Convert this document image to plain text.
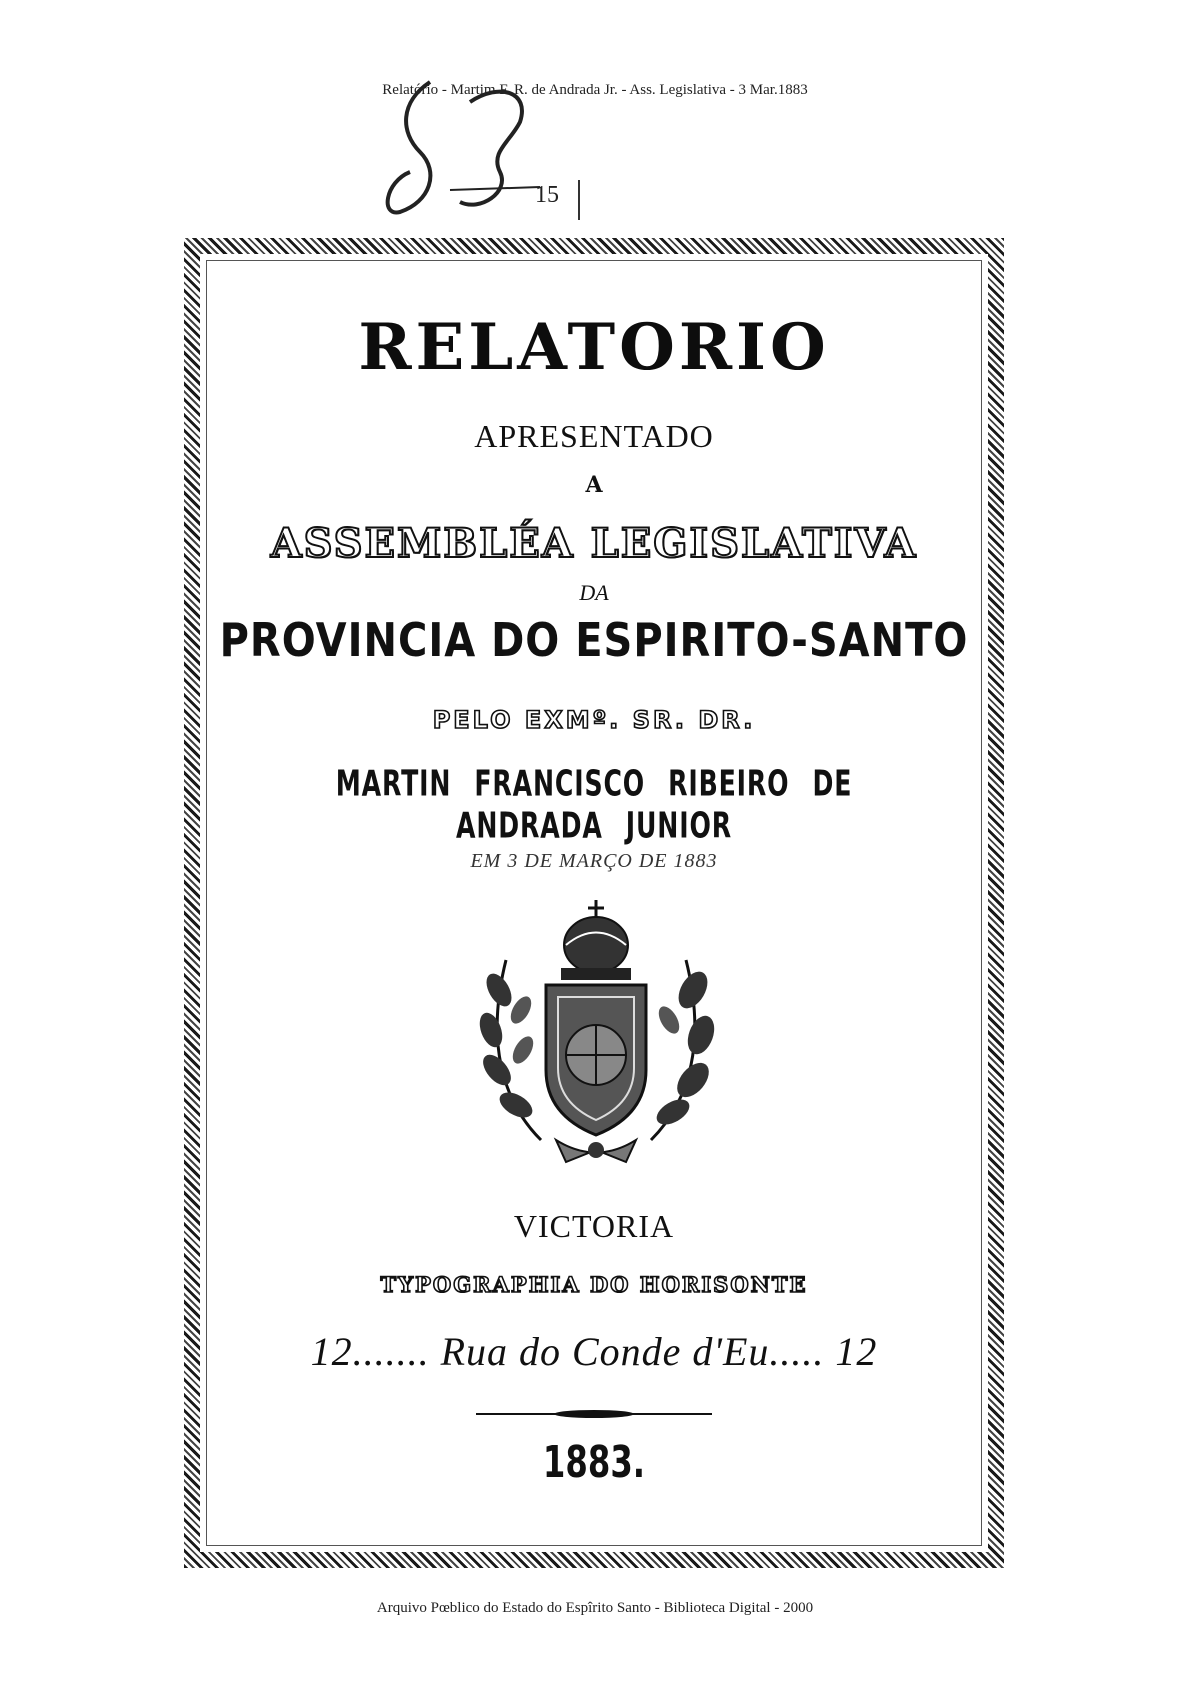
Relatório - Martim F. R. de Andrada Jr. - Ass. Legislativa - 3 Mar.1883
15
RELATORIO
APRESENTADO
A
ASSEMBLÉA LEGISLATIVA
DA
PROVINCIA DO ESPIRITO-SANTO
PELO EXMº. SR. DR.
MARTIN FRANCISCO RIBEIRO DE ANDRADA JUNIOR
EM 3 DE MARÇO DE 1883
VICTORIA
TYPOGRAPHIA DO HORISONTE
12....... Rua do Conde d'Eu..... 12
1883.
Arquivo Pœblico do Estado do Espîrito Santo - Biblioteca Digital - 2000
